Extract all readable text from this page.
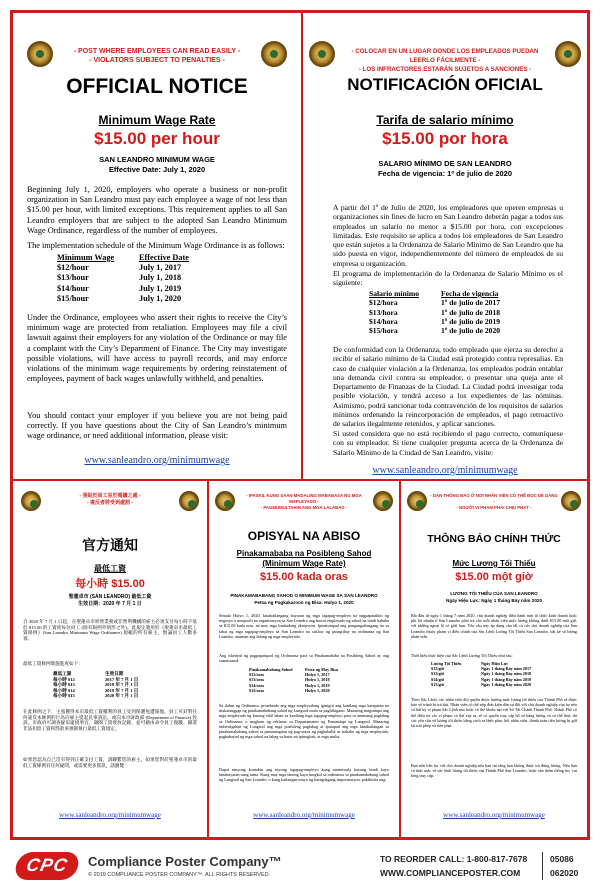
- POST WHERE EMPLOYEES CAN READ EASILY -
- VIOLATORS SUBJECT TO PENALTIES -
OFFICIAL NOTICE
Minimum Wage Rate
$15.00 per hour
SAN LEANDRO MINIMUM WAGE
Effective Date: July 1, 2020
Beginning July 1, 2020, employers who operate a business or non-profit organization in San Leandro must pay each employee a wage of not less than $15.00 per hour, with limited exceptions. This requirement applies to all San Leandro employers that are subject to the adopted San Leandro Minimum Wage Ordinance, regardless of the number of employees.
The implementation schedule of the Minimum Wage Ordinance is as follows:
Minimum Wage	Effective Date
$12/hour	July 1, 2017
$13/hour	July 1, 2018
$14/hour	July 1, 2019
$15/hour	July 1, 2020
Under the Ordinance, employees who assert their rights to receive the City’s minimum wage are protected from retaliation. Employees may file a civil lawsuit against their employers for any violation of the Ordinance or may file a complaint with the City’s Department of Finance. The City may investigate possible violations, will have access to payroll records, and may enforce violations of the minimum wage requirements by ordering reinstatement of employees, payment of back wages unlawfully withheld, and penalties.
You should contact your employer if you believe you are not being paid correctly. If you have questions about the City of San Leandro’s minimum wage ordinance, or need additional information, please visit:
www.sanleandro.org/minimumwage
- COLOCAR EN UN LUGAR DONDE LOS EMPLEADOS PUEDAN LEERLO FÁCILMENTE -
- LOS INFRACTORES ESTARÁN SUJETOS A SANCIONES -
NOTIFICACIÓN OFICIAL
Tarifa de salario mínimo
$15.00 por hora
SALARIO MÍNIMO DE SAN LEANDRO
Fecha de vigencia: 1º de julio de 2020
A partir del 1º de Julio de 2020, los empleadores que operen empresas u organizaciones sin fines de lucro en San Leandro deberán pagar a todos sus empleados un salario no menor a $15.00 por hora, con excepciones limitadas. Este requisito se aplica a todos los empleadores de San Leandro que están sujetos a la Ordenanza de Salario Mínimo de San Leandro que ha sido puesta en vigor, independientemente del número de empleados de su empresa u organización.
El programa de implementación de la Ordenanza de Salario Mínimo es el siguiente:
Salario mínimo	Fecha de vigencia
$12/hora	1º de julio de 2017
$13/hora	1º de julio de 2018
$14/hora	1º de julio de 2019
$15/hora	1º de julio de 2020
De conformidad con la Ordenanza, todo empleado que ejerza su derecho a recibir el salario mínimo de la Ciudad está protegido contra represalias. En caso de cualquier violación a la Ordenanza, los empleados podrán entablar una demanda civil contra su empleador, o presentar una queja ante el Departamento de Finanzas de la Ciudad. La Ciudad podrá investigar toda posible violación, y tendrá acceso a los expedientes de las nóminas. Asimismo, podrá sancionar toda contravención de los requisitos de salarios mínimos ordenando la reincorporación de empleados, el pago retroactivo de salarios ilegalmente retenidos, y aplicar sanciones.
Si usted considera que no está recibiendo el pago correcto, comuníquese con su empleador. Si tiene cualquier pregunta acerca de la Ordenanza de Salario Mínimo de la Ciudad de San Leandro, visite:
www.sanleandro.org/minimumwage
- 張貼於員工易於閱讀之處 -
- 違反者將受到處罰 -
官方通知
最低工資
每小時 $15.00
聖蓮卓市 (SAN LEANDRO) 最低工資
生效日期：2020 年 7 月 1 日
自 2020 年 7 月 1 日起，在聖蓮卓市經營業務或非營利機構的雇主必須支付每小時不低於 $15.00 的工資給每位員工 (除有限例外情形之外)。此規定適用於《聖蓮卓市最低工資條例》(San Leandro Minimum Wage Ordinance) 規範的所有雇主，無論員工人數多寡。
最低工資條例實施進度如下：
最低工資	生效日期
每小時 $12	2017 年 7 月 1 日
每小時 $13	2018 年 7 月 1 日
每小時 $14	2019 年 7 月 1 日
每小時 $15	2020 年 7 月 1 日
在此條例之下，主張獲得本市最低工資權利的員工受到保護免遭報復。員工可針對任何違反本條例的行為向雇主提起民事訴訟，或向本市財政部 (Department of Finance) 投訴。市政府可調查疑似違規事宜，調閱工資發放記錄，並可藉由命令員工復職、歸還非法扣留工資和罰款來強制執行最低工資規定。
如果您認為自己沒有得到正確支付工資，請聯繫您的雇主。如果您對於聖蓮卓市的最低工資條例有任何疑問，或需要更多資訊，請瀏覽：
www.sanleandro.org/minimumwage
- IPASKIL KUNG SAAN MADALING MABABASA NG MGA EMPLEYADO -
- PAGMUMULTAHIN ANG MGA LALABAG -
OPISYAL NA ABISO
Pinakamababa na Posibleng Sahod
(Minimum Wage Rate)
$15.00 kada oras
PINAKAMABABANG SAHOD O MINIMUM WAGE SA SAN LEANDRO
Petsa ng Pagkakaroon ng Bisa: Hulyo 1, 2020
Simula Hulyo 1, 2020, kinakailangang bayaran ng mga tagapag-empleyo na nagpapatakbo ng negosyo o nonprofit na organisasyon sa San Leandro ang bawat empleyado ng sahod na hindi bababa sa $15.00 kada oras, na may mga limitadong eksepsyon. Ipinatutupad ang pangangailangang ito sa lahat ng mga tagapag-empleyo sa San Leandro na saklaw ng pinagtibay na ordinansa ng San Leandro, anuman ang bilang ng mga empleyado.
Ang iskedyul ng pagpapatupad ng Ordinansa para sa Pinakamababa na Posibleng Sahod ay ang sumusunod:
Pinakamababang Sahod	Petsa ng May Bisa
$12/oras	Hulyo 1, 2017
$13/oras	Hulyo 1, 2018
$14/oras	Hulyo 1, 2019
$15/oras	Hulyo 1, 2020
Sa ilalim ng Ordinansa, protektado ang mga empleyadong iginigiit ang kanilang mga karapatan na makatanggap ng pinakamababang sahod ng Lungsod mula sa paghihiganti. Maaaring magsampa ang mga empleyado ng kasong sibil laban sa kanilang mga tagapag-empleyo para sa anumang paglabag sa Ordinansa, o maghain ng reklamo sa Departamento ng Pananalapi ng Lungsod. Maaaring imbestigahan ng Lungsod ang mga posibleng paglabag at ipatupad ang mga kinakailangan sa pinakamababang sahod sa pamamagitan ng pag-uutos ng pagbabalik sa trabaho ng mga empleyado, pagbabayad ng mga sahod na labag sa batas na ipinagkait, at mga multa.
Dapat ninyong kontakin ang inyong tagapag-empleyo kung naniniwala kayong hindi kayo binabayaran nang tama. Kung may mga tanong kayo tungkol sa ordinansa sa pinakamababang sahod ng Lungsod ng San Leandro, o kung kailangan ninyo ng karagdagang impormasyon, pakibisita ang:
www.sanleandro.org/minimumwage
- DÁN THÔNG BÁO Ở NƠI NHÂN VIÊN CÓ THỂ ĐỌC DỄ DÀNG -
- NGƯỜI VI PHẠM PHẢI CHỊU PHẠT -
THÔNG BÁO CHÍNH THỨC
Mức Lương Tối Thiểu
$15.00 một giờ
LƯƠNG TỐI THIỂU CỦA SAN LEANDRO
Ngày Hiệu Lực: Ngày 1 tháng Bảy năm 2020
Bắt đầu từ ngày 1 tháng 7 năm 2020, chủ doanh nghiệp điều hành một tổ chức kinh doanh hoặc phi lợi nhuận ở San Leandro phải trả cho mỗi nhân viên mức lương không dưới $15.00 một giờ, với những ngoại lệ có giới hạn. Yêu cầu này áp dụng cho tất cả các chủ doanh nghiệp của San Leandro thuộc phạm vi điều chỉnh của Sắc Lệnh Lương Tối Thiểu San Leandro, bất kể số lượng nhân viên.
Thời biểu thực hiện của Sắc Lệnh Lương Tối Thiểu như sau:
Lương Tối Thiểu	Ngày Hiệu Lực
$12/giờ	Ngày 1 tháng Bảy năm 2017
$13/giờ	Ngày 1 tháng Bảy năm 2018
$14/giờ	Ngày 1 tháng Bảy năm 2019
$15/giờ	Ngày 1 tháng Bảy năm 2020
Theo Sắc Lệnh, các nhân viên đòi quyền được hưởng mức lương tối thiểu của Thành Phố sẽ được bảo vệ tránh bị trả thù. Nhân viên có thể nộp đơn kiện dân sự đối với chủ doanh nghiệp của họ nếu có bất kỳ vi phạm Sắc Lệnh nào hoặc có thể khiếu nại với Sở Tài Chánh Thành Phố. Thành Phố có thể điều tra các vi phạm có thể xảy ra, sẽ có quyền truy cập hồ sơ bảng lương và có thể thực thi các yêu cầu về lương tối thiểu bằng cách ra lệnh phục hồi nhân viên, thanh toán tiền lương bị giữ lại trái phép và tiền phạt.
Bạn nên liên lạc với chủ doanh nghiệp nếu bạn tin rằng bạn không được trả đúng lương. Nếu bạn có thắc mắc về sắc lệnh lương tối thiểu của Thành Phố San Leandro, hoặc cần thêm thông tin, vui lòng truy cập:
www.sanleandro.org/minimumwage
CPC	Compliance Poster Company™
© 2019 COMPLIANCE POSTER COMPANY™. ALL RIGHTS RESERVED.
TO REORDER CALL: 1-800-817-7678
WWW.COMPLIANCEPOSTER.COM
05086
062020
